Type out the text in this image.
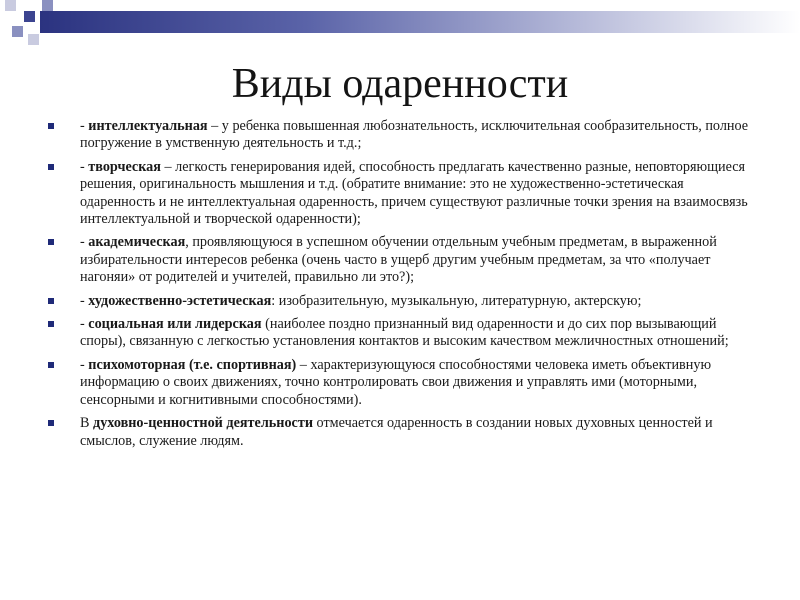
Виды одаренности
- интеллектуальная – у ребенка повышенная любознательность, исключительная сообразительность, полное погружение в умственную деятельность и т.д.;
- творческая – легкость генерирования идей, способность предлагать качественно разные, неповторяющиеся решения, оригинальность мышления и т.д. (обратите внимание: это не художественно-эстетическая одаренность и не интеллектуальная одаренность, причем существуют различные точки зрения на взаимосвязь интеллектуальной и творческой одаренности);
- академическая, проявляющуюся в успешном обучении отдельным учебным предметам, в выраженной избирательности интересов ребенка (очень часто в ущерб другим учебным предметам, за что «получает нагоняи» от родителей и учителей, правильно ли это?);
- художественно-эстетическая: изобразительную, музыкальную, литературную, актерскую;
- социальная или лидерская (наиболее поздно признанный вид одаренности и до сих пор вызывающий споры), связанную с легкостью установления контактов и высоким качеством межличностных отношений;
- психомоторная (т.е. спортивная) – характеризующуюся способностями человека иметь объективную информацию о своих движениях, точно контролировать свои движения и управлять ими (моторными, сенсорными и когнитивными способностями).
В духовно-ценностной деятельности отмечается одаренность в создании новых духовных ценностей и смыслов, служение людям.
